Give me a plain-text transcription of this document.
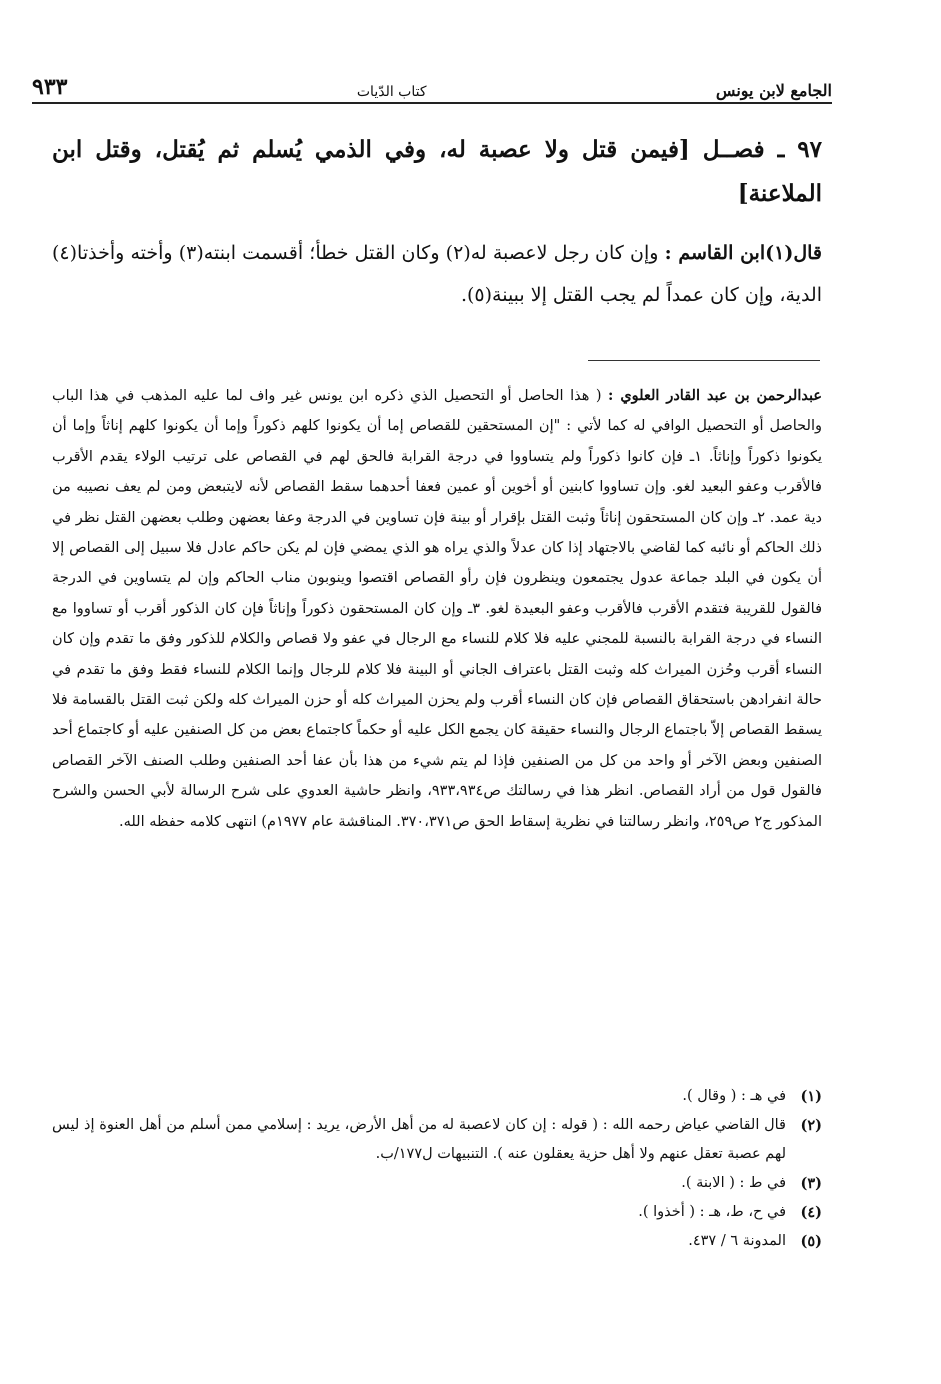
الجامع لابن يونس
كتاب الدّيات
٩٣٣
٩٧ ـ فصــل [فيمن قتل ولا عصبة له، وفي الذمي يُسلم ثم يُقتل، وقتل ابن الملاعنة]
قال(١)ابن القاسم : وإن كان رجل لاعصبة له(٢) وكان القتل خطأ؛ أقسمت ابنته(٣) وأخته وأخذتا(٤) الدية، وإن كان عمداً لم يجب القتل إلا ببينة(٥).
عبدالرحمن بن عبد القادر العلوي : ( هذا الحاصل أو التحصيل الذي ذكره ابن يونس غير واف لما عليه المذهب في هذا الباب والحاصل أو التحصيل الوافي له كما لأتي : "إن المستحقين للقصاص إما أن يكونوا كلهم ذكوراً وإما أن يكونوا كلهم إناثاً وإما أن يكونوا ذكوراً وإناثاً. ١ـ فإن كانوا ذكوراً ولم يتساووا في درجة القرابة فالحق لهم في القصاص على ترتيب الولاء يقدم الأقرب فالأقرب وعفو البعيد لغو. وإن تساووا كابنين أو أخوين أو عمين فعفا أحدهما سقط القصاص لأنه لايتبعض ومن لم يعف نصيبه من دية عمد. ٢ـ وإن كان المستحقون إناثاً وثبت القتل بإقرار أو بينة فإن تساوين في الدرجة وعفا بعضهن وطلب بعضهن القتل نظر في ذلك الحاكم أو نائبه كما لقاضي بالاجتهاد إذا كان عدلاً والذي يراه هو الذي يمضي فإن لم يكن حاكم عادل فلا سبيل إلى القصاص إلا أن يكون في البلد جماعة عدول يجتمعون وينظرون فإن رأو القصاص اقتصوا وينوبون مناب الحاكم وإن لم يتساوين في الدرجة فالقول للقريبة فتقدم الأقرب فالأقرب وعفو البعيدة لغو. ٣ـ وإن كان المستحقون ذكوراً وإناثاً فإن كان الذكور أقرب أو تساووا مع النساء في درجة القرابة بالنسبة للمجني عليه فلا كلام للنساء مع الرجال في عفو ولا قصاص والكلام للذكور وفق ما تقدم وإن كان النساء أقرب وحُزن الميراث كله وثبت القتل باعتراف الجاني أو البينة فلا كلام للرجال وإنما الكلام للنساء فقط وفق ما تقدم في حالة انفرادهن باستحقاق القصاص فإن كان النساء أقرب ولم يحزن الميراث كله أو حزن الميراث كله ولكن ثبت القتل بالقسامة فلا يسقط القصاص إلاّ باجتماع الرجال والنساء حقيقة كان يجمع الكل عليه أو حكماً كاجتماع بعض من كل الصنفين عليه أو كاجتماع أحد الصنفين وبعض الآخر أو واحد من كل من الصنفين فإذا لم يتم شيء من هذا بأن عفا أحد الصنفين وطلب الصنف الآخر القصاص فالقول قول من أراد القصاص. انظر هذا في رسالتك ص٩٣٣،٩٣٤، وانظر حاشية العدوي على شرح الرسالة لأبي الحسن والشرح المذكور ج٢ ص٢٥٩، وانظر رسالتنا في نظرية إسقاط الحق ص٣٧٠،٣٧١. المناقشة عام ١٩٧٧م) انتهى كلامه حفظه الله.
(١)
في هـ : ( وقال ).
(٢)
قال القاضي عياض رحمه الله : ( قوله : إن كان لاعصبة له من أهل الأرض، يريد : إسلامي ممن أسلم من أهل العنوة إذ ليس لهم عصبة تعقل عنهم ولا أهل حزية يعقلون عنه ). التنبيهات ل١٧٧/ب.
(٣)
في ط : ( الابنة ).
(٤)
في ح، ط، هـ : ( أخذوا ).
(٥)
المدونة ٦ / ٤٣٧.
